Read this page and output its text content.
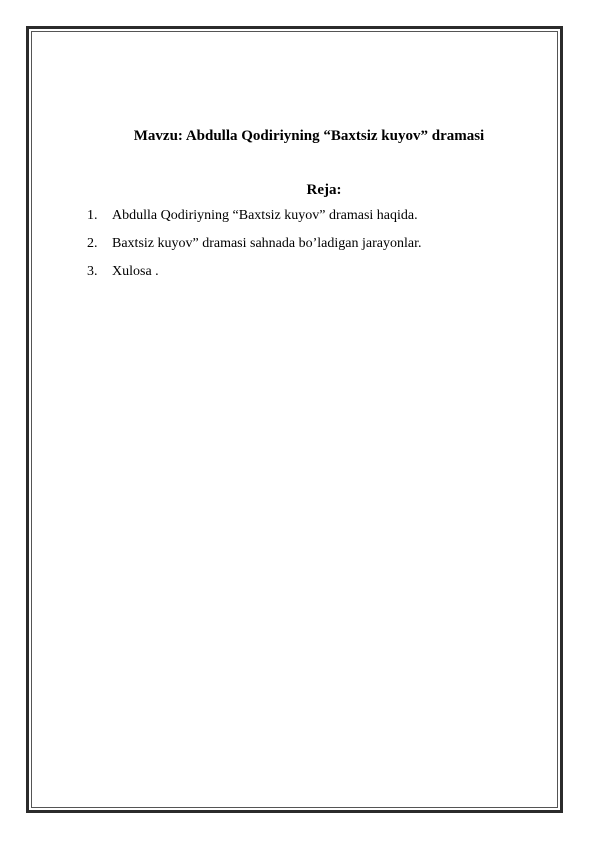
Mavzu: Abdulla Qodiriyning “Baxtsiz kuyov” dramasi
Reja:
1. Abdulla Qodiriyning “Baxtsiz kuyov” dramasi haqida.
2. Baxtsiz kuyov” dramasi sahnada bo’ladigan jarayonlar.
3. Xulosa .
